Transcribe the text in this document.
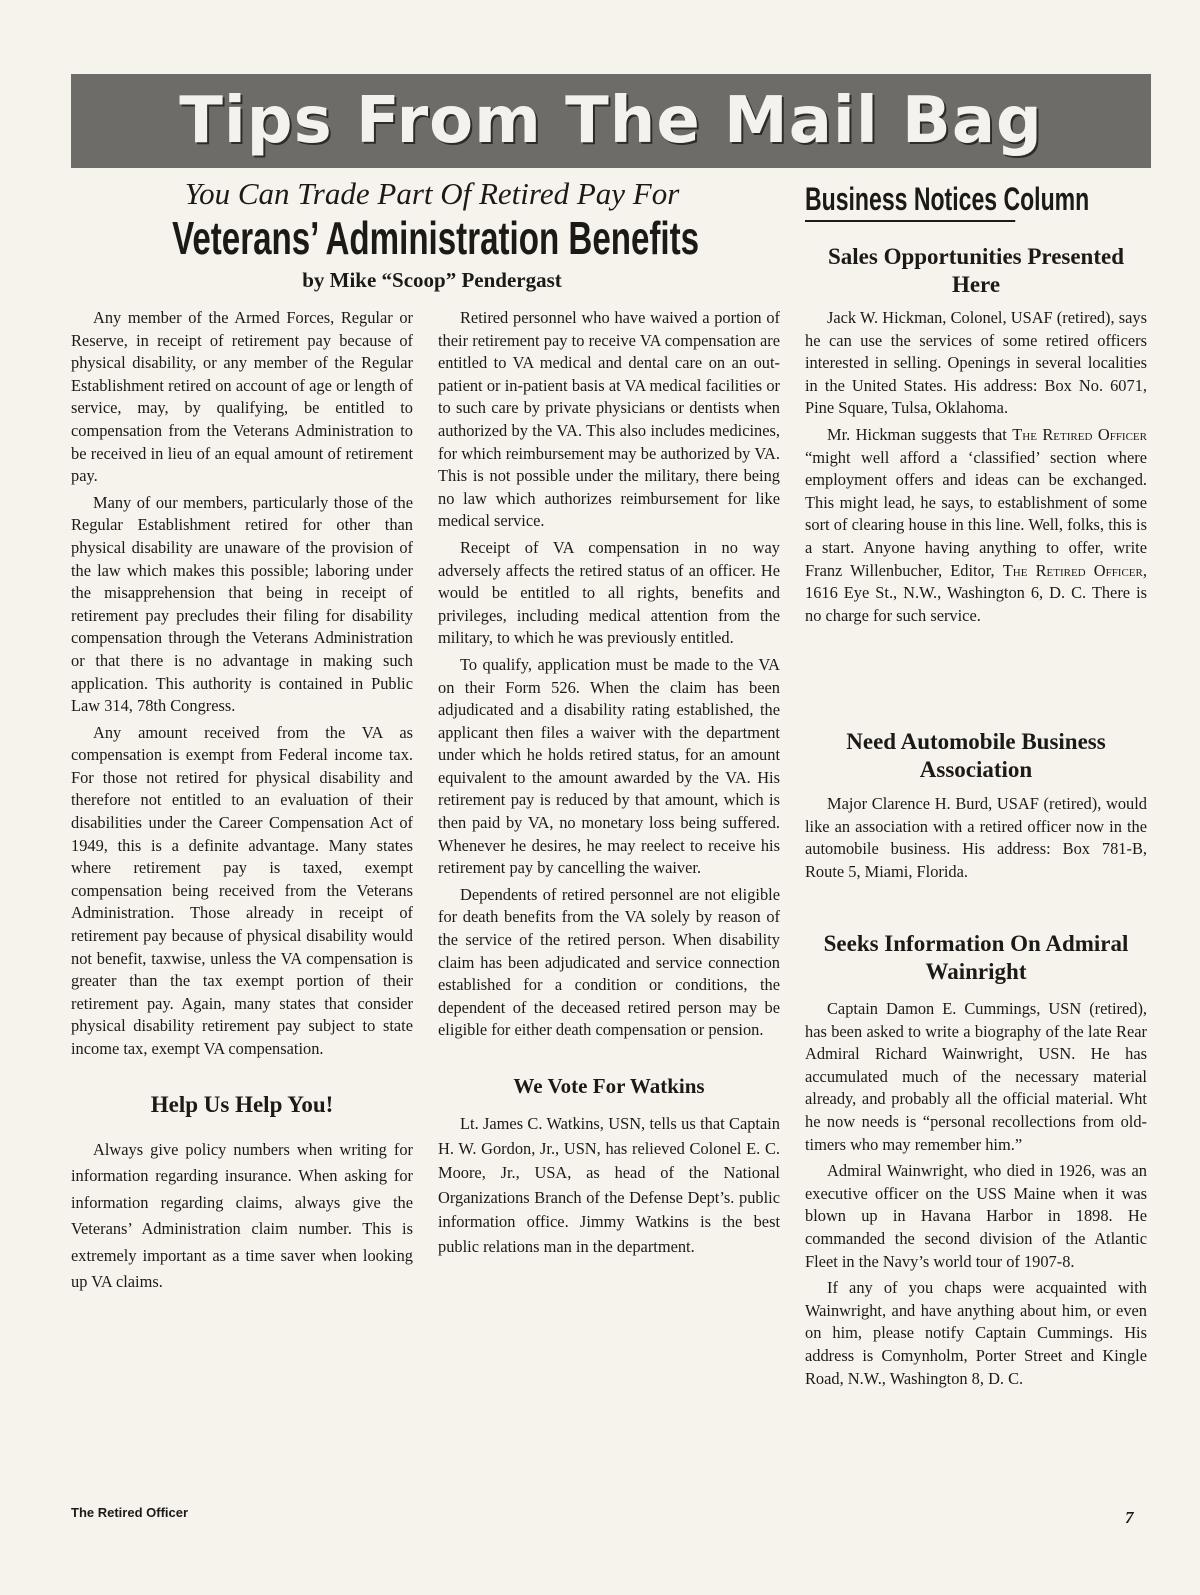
Tips From The Mail Bag
You Can Trade Part Of Retired Pay For
Veterans’ Administration Benefits
by Mike “Scoop” Pendergast

Any member of the Armed Forces, Regular or Reserve, in receipt of retirement pay because of physical disability, or any member of the Regular Establishment retired on account of age or length of service, may, by qualifying, be entitled to compensation from the Veterans Administration to be received in lieu of an equal amount of retirement pay.

Many of our members, particularly those of the Regular Establishment retired for other than physical disability are unaware of the provision of the law which makes this possible; laboring under the misapprehension that being in receipt of retirement pay precludes their filing for disability compensation through the Veterans Administration or that there is no advantage in making such application. This authority is contained in Public Law 314, 78th Congress.

Any amount received from the VA as compensation is exempt from Federal income tax. For those not retired for physical disability and therefore not entitled to an evaluation of their disabilities under the Career Compensation Act of 1949, this is a definite advantage. Many states where retirement pay is taxed, exempt compensation being received from the Veterans Administration. Those already in receipt of retirement pay because of physical disability would not benefit, taxwise, unless the VA compensation is greater than the tax exempt portion of their retirement pay. Again, many states that consider physical disability retirement pay subject to state income tax, exempt VA compensation.

Help Us Help You!

Always give policy numbers when writing for information regarding insurance. When asking for information regarding claims, always give the Veterans’ Administration claim number. This is extremely important as a time saver when looking up VA claims.

Retired personnel who have waived a portion of their retirement pay to receive VA compensation are entitled to VA medical and dental care on an out-patient or in-patient basis at VA medical facilities or to such care by private physicians or dentists when authorized by the VA. This also includes medicines, for which reimbursement may be authorized by VA. This is not possible under the military, there being no law which authorizes reimbursement for like medical service.

Receipt of VA compensation in no way adversely affects the retired status of an officer. He would be entitled to all rights, benefits and privileges, including medical attention from the military, to which he was previously entitled.

To qualify, application must be made to the VA on their Form 526. When the claim has been adjudicated and a disability rating established, the applicant then files a waiver with the department under which he holds retired status, for an amount equivalent to the amount awarded by the VA. His retirement pay is reduced by that amount, which is then paid by VA, no monetary loss being suffered. Whenever he desires, he may reelect to receive his retirement pay by cancelling the waiver.

Dependents of retired personnel are not eligible for death benefits from the VA solely by reason of the service of the retired person. When disability claim has been adjudicated and service connection established for a condition or conditions, the dependent of the deceased retired person may be eligible for either death compensation or pension.

We Vote For Watkins

Lt. James C. Watkins, USN, tells us that Captain H. W. Gordon, Jr., USN, has relieved Colonel E. C. Moore, Jr., USA, as head of the National Organizations Branch of the Defense Dept’s. public information office. Jimmy Watkins is the best public relations man in the department.

Business Notices Column
Sales Opportunities Presented Here

Jack W. Hickman, Colonel, USAF (retired), says he can use the services of some retired officers interested in selling. Openings in several localities in the United States. His address: Box No. 6071, Pine Square, Tulsa, Oklahoma.

Mr. Hickman suggests that The Retired Officer “might well afford a ‘classified’ section where employment offers and ideas can be exchanged. This might lead, he says, to establishment of some sort of clearing house in this line. Well, folks, this is a start. Anyone having anything to offer, write Franz Willenbucher, Editor, The Retired Officer, 1616 Eye St., N.W., Washington 6, D. C. There is no charge for such service.

Need Automobile Business Association

Major Clarence H. Burd, USAF (retired), would like an association with a retired officer now in the automobile business. His address: Box 781-B, Route 5, Miami, Florida.

Seeks Information On Admiral Wainright

Captain Damon E. Cummings, USN (retired), has been asked to write a biography of the late Rear Admiral Richard Wainwright, USN. He has accumulated much of the necessary material already, and probably all the official material. Wht he now needs is “personal recollections from old-timers who may remember him.”

Admiral Wainwright, who died in 1926, was an executive officer on the USS Maine when it was blown up in Havana Harbor in 1898. He commanded the second division of the Atlantic Fleet in the Navy’s world tour of 1907-8.

If any of you chaps were acquainted with Wainwright, and have anything about him, or even on him, please notify Captain Cummings. His address is Comynholm, Porter Street and Kingle Road, N.W., Washington 8, D. C.

The Retired Officer	7
